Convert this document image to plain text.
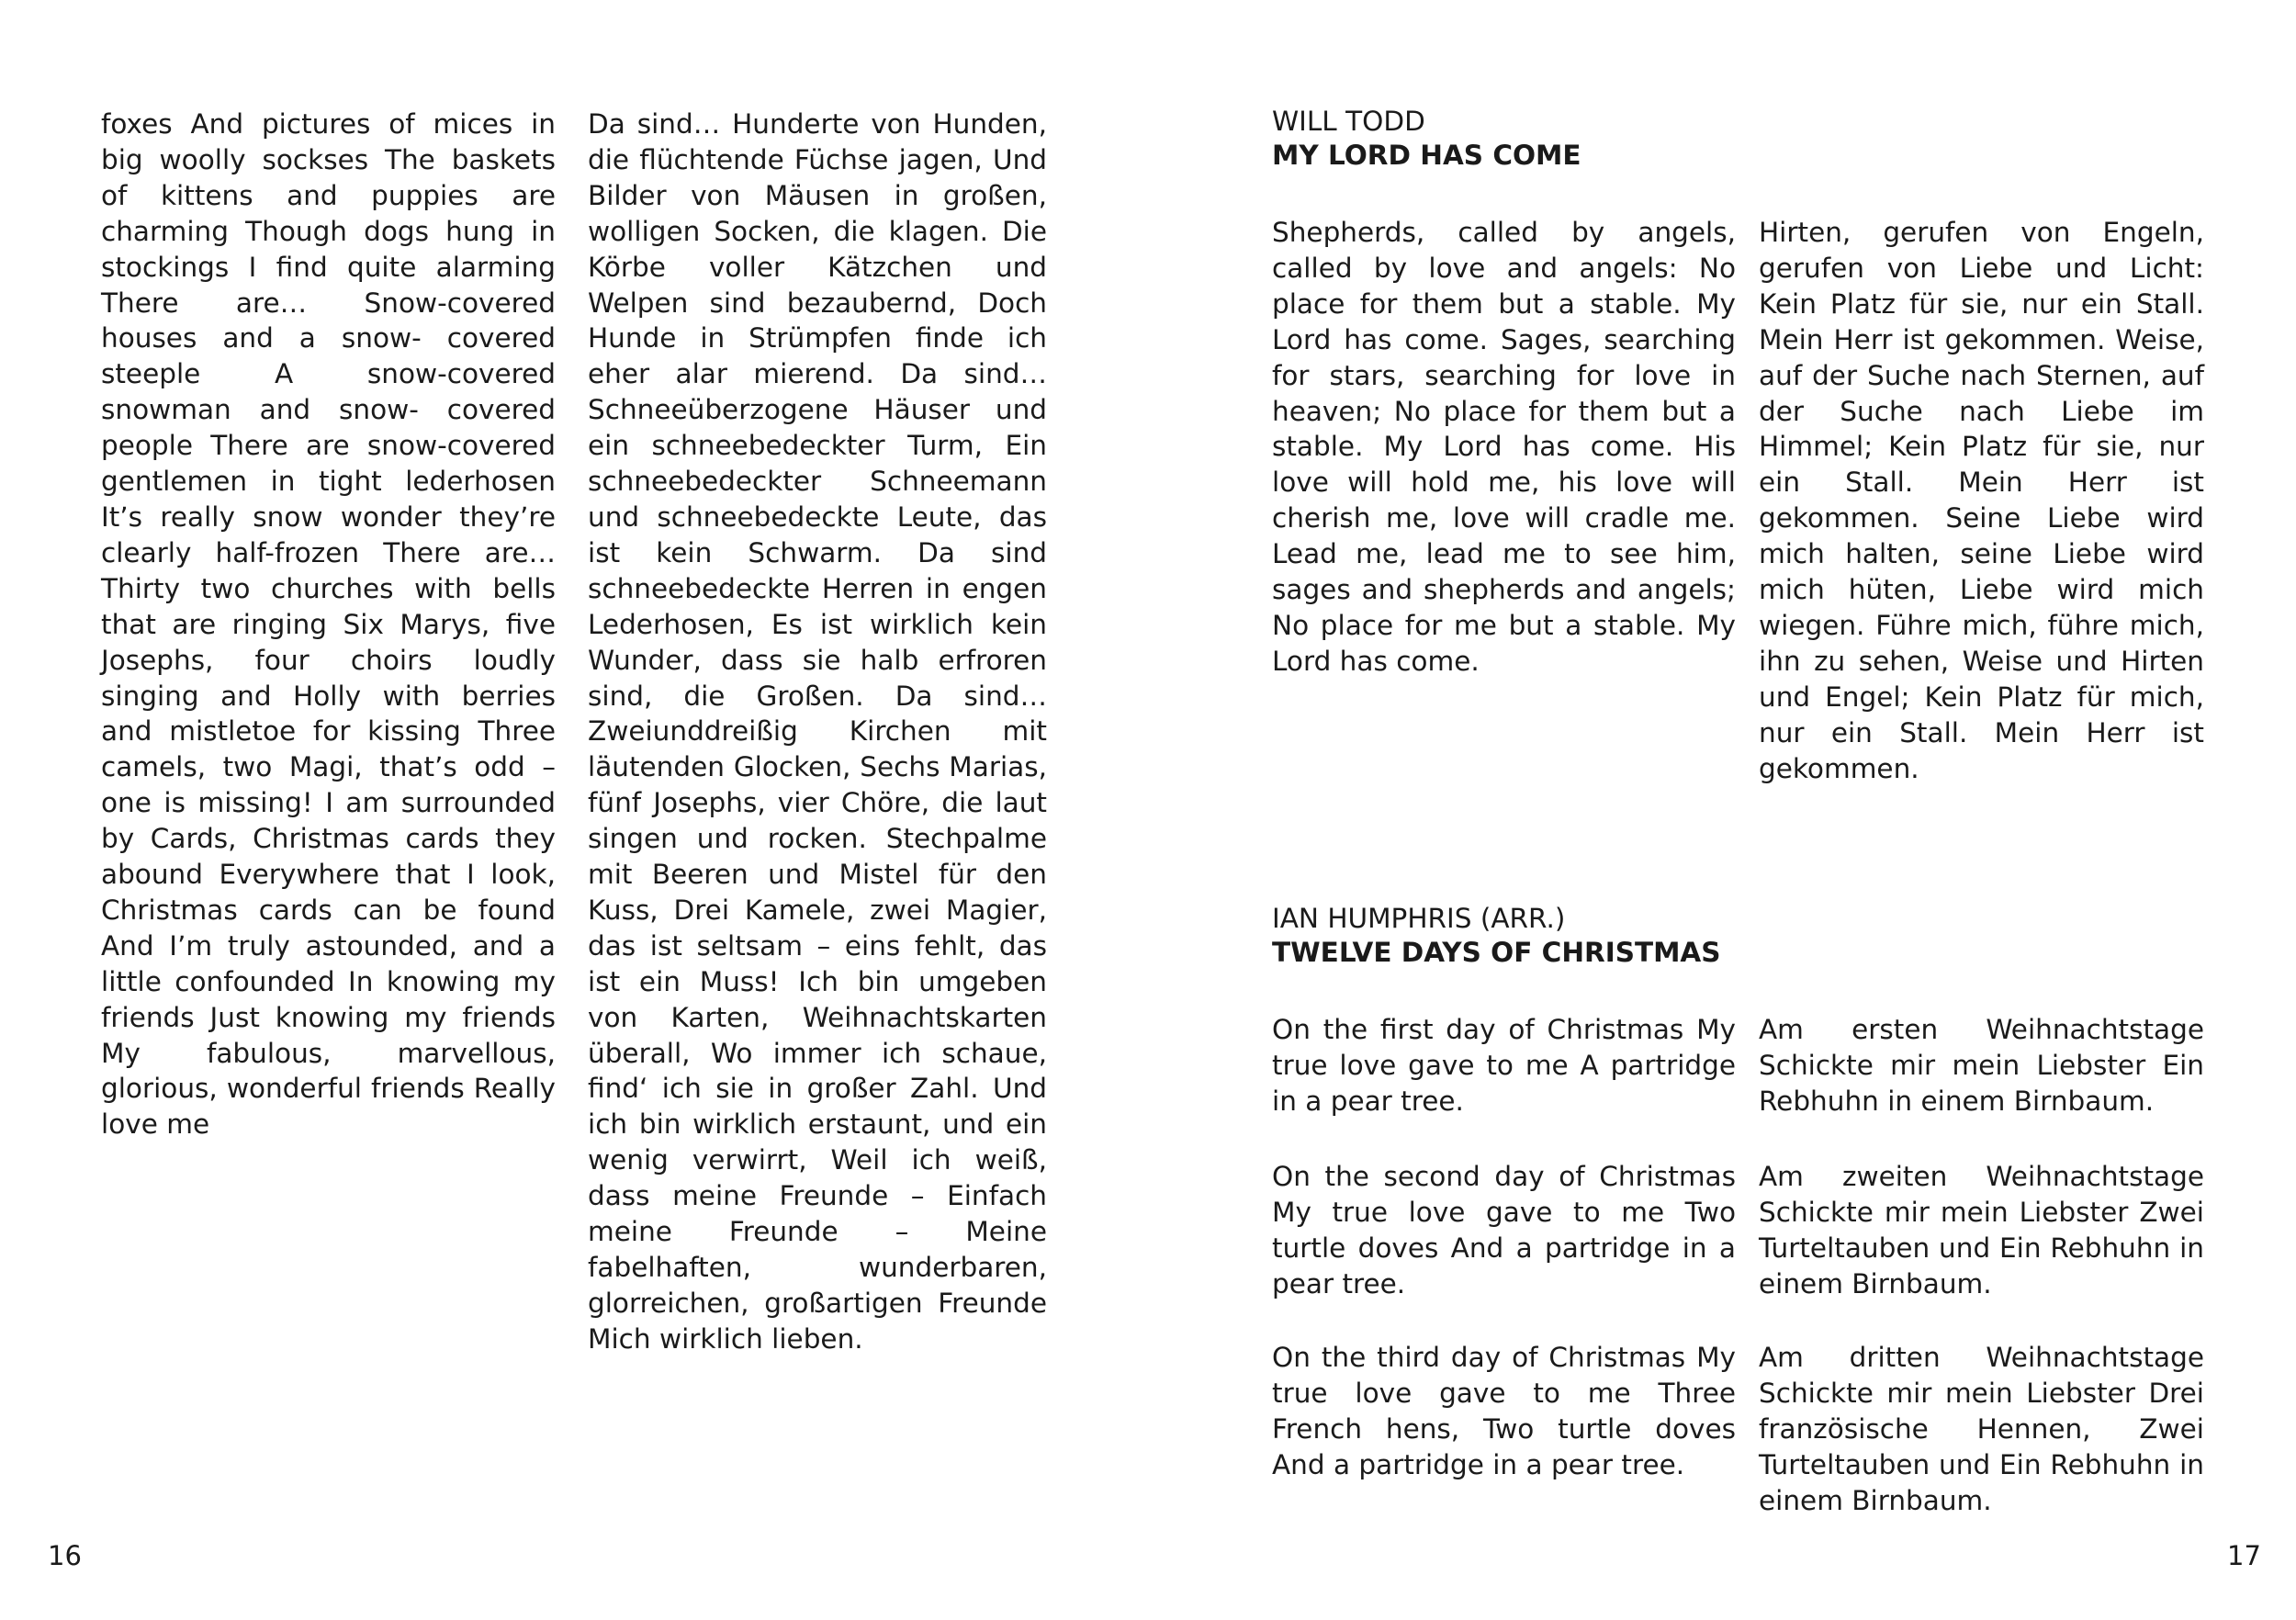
foxes And pictures of mices in big woolly sockses The baskets of kittens and puppies are charming Though dogs hung in stockings I find quite alarming There are… Snow-covered houses and a snow- covered steeple A snow-covered snowman and snow- covered people There are snow-covered gentlemen in tight lederhosen It’s really snow wonder they’re clearly half-frozen There are… Thirty two churches with bells that are ringing Six Marys, five Josephs, four choirs loudly singing and Holly with berries and mistletoe for kissing Three camels, two Magi, that’s odd – one is missing! I am surrounded by Cards, Christmas cards they abound Everywhere that I look, Christmas cards can be found And I’m truly astounded, and a little confounded In knowing my friends Just knowing my friends My fabulous, marvellous, glorious, wonderful friends Really love me
Da sind… Hunderte von Hunden, die flüchtende Füchse jagen, Und Bilder von Mäusen in großen, wolligen Socken, die klagen. Die Körbe voller Kätzchen und Welpen sind bezaubernd, Doch Hunde in Strümpfen finde ich eher alar mierend. Da sind… Schneeüberzogene Häuser und ein schneebedeckter Turm, Ein schneebedeckter Schneemann und schneebedeckte Leute, das ist kein Schwarm. Da sind schneebedeckte Herren in engen Lederhosen, Es ist wirklich kein Wunder, dass sie halb erfroren sind, die Großen. Da sind… Zweiunddreißig Kirchen mit läutenden Glocken, Sechs Marias, fünf Josephs, vier Chöre, die laut singen und rocken. Stechpalme mit Beeren und Mistel für den Kuss, Drei Kamele, zwei Magier, das ist seltsam – eins fehlt, das ist ein Muss! Ich bin umgeben von Karten, Weihnachtskarten überall, Wo immer ich schaue, find‘ ich sie in großer Zahl. Und ich bin wirklich erstaunt, und ein wenig verwirrt, Weil ich weiß, dass meine Freunde – Einfach meine Freunde – Meine fabelhaften, wunderbaren, glorreichen, großartigen Freunde Mich wirklich lieben.
16
WILL TODD
MY LORD HAS COME
Shepherds, called by angels, called by love and angels: No place for them but a stable. My Lord has come. Sages, searching for stars, searching for love in heaven; No place for them but a stable. My Lord has come. His love will hold me, his love will cherish me, love will cradle me. Lead me, lead me to see him, sages and shepherds and angels; No place for me but a stable. My Lord has come.
Hirten, gerufen von Engeln, gerufen von Liebe und Licht: Kein Platz für sie, nur ein Stall. Mein Herr ist gekommen. Weise, auf der Suche nach Sternen, auf der Suche nach Liebe im Himmel; Kein Platz für sie, nur ein Stall. Mein Herr ist gekommen. Seine Liebe wird mich halten, seine Liebe wird mich hüten, Liebe wird mich wiegen. Führe mich, führe mich, ihn zu sehen, Weise und Hirten und Engel; Kein Platz für mich, nur ein Stall. Mein Herr ist gekommen.
IAN HUMPHRIS (ARR.)
TWELVE DAYS OF CHRISTMAS

On the first day of Christmas My true love gave to me A partridge in a pear tree.

Am ersten Weihnachtstage Schickte mir mein Liebster Ein Rebhuhn in einem Birnbaum.

On the second day of Christmas My true love gave to me Two turtle doves And a partridge in a pear tree.

Am zweiten Weihnachtstage Schickte mir mein Liebster Zwei Turteltauben und Ein Rebhuhn in einem Birnbaum.

On the third day of Christmas My true love gave to me Three French hens, Two turtle doves And a partridge in a pear tree.

Am dritten Weihnachtstage Schickte mir mein Liebster Drei französische Hennen, Zwei Turteltauben und Ein Rebhuhn in einem Birnbaum.

17
